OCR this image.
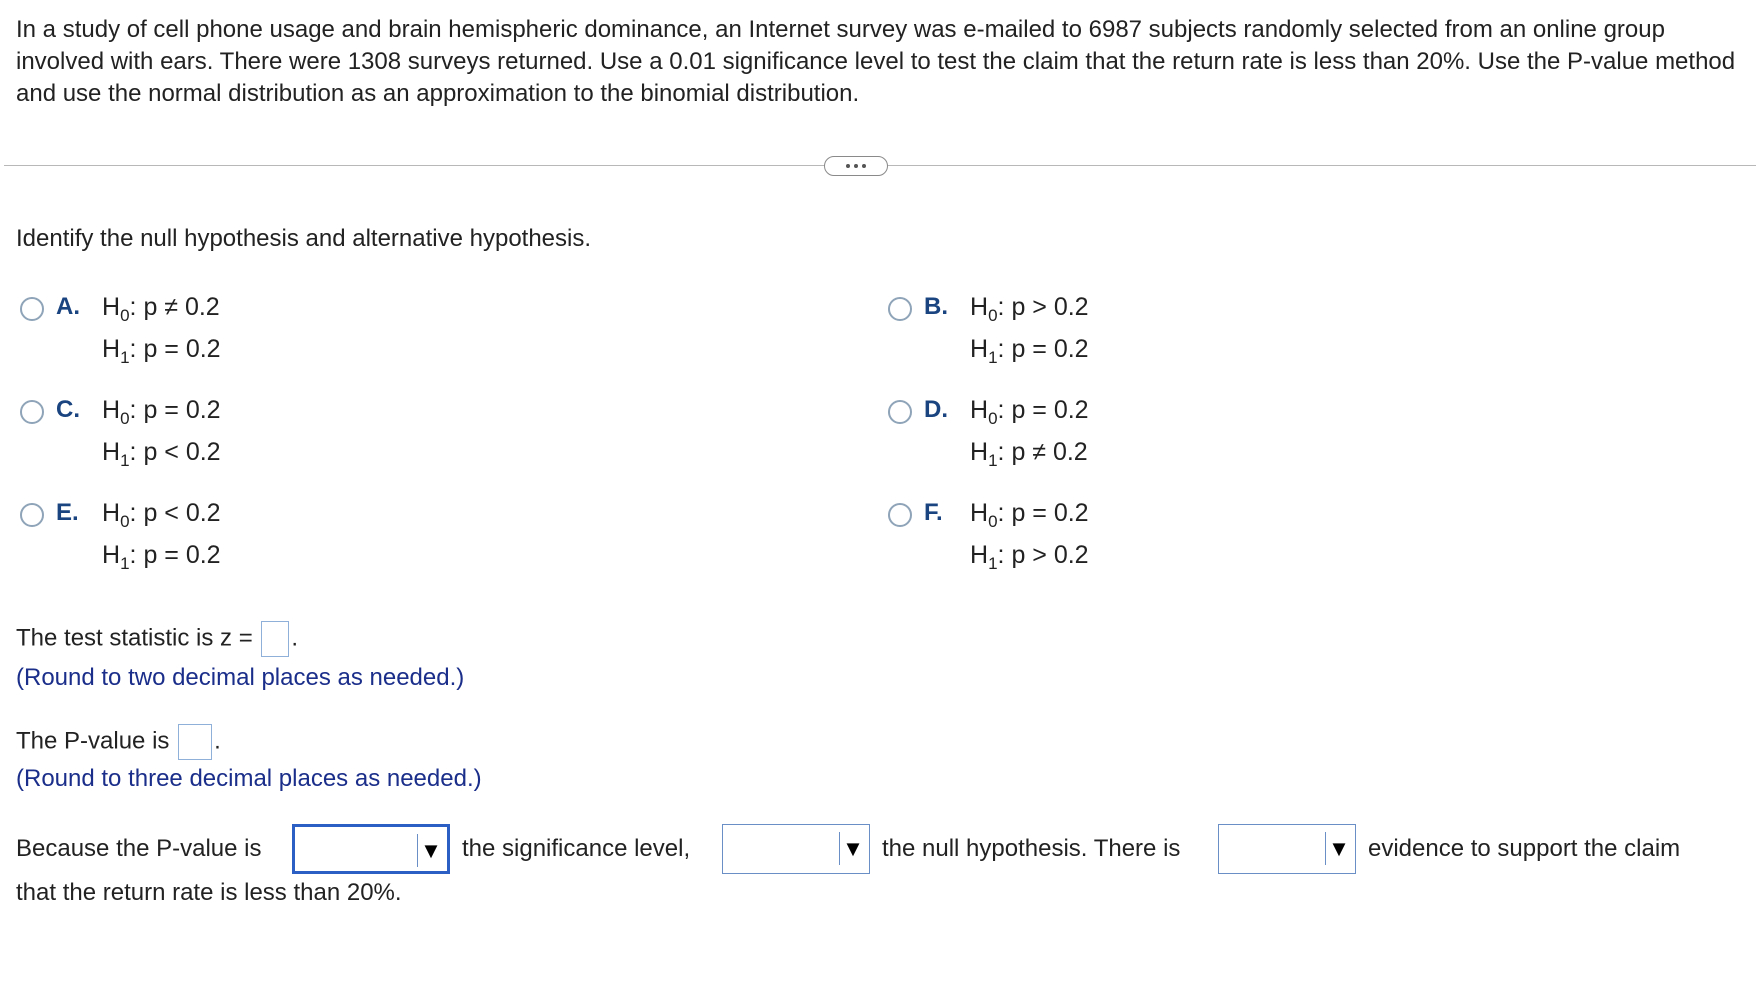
In a study of cell phone usage and brain hemispheric dominance, an Internet survey was e-mailed to 6987 subjects randomly selected from an online group involved with ears. There were 1308 surveys returned. Use a 0.01 significance level to test the claim that the return rate is less than 20%. Use the P-value method and use the normal distribution as an approximation to the binomial distribution.
Identify the null hypothesis and alternative hypothesis.
A. $H_0$: p ≠ 0.2
$H_1$: p = 0.2
B. $H_0$: p > 0.2
$H_1$: p = 0.2
C. $H_0$: p = 0.2
$H_1$: p < 0.2
D. $H_0$: p = 0.2
$H_1$: p ≠ 0.2
E. $H_0$: p < 0.2
$H_1$: p = 0.2
F. $H_0$: p = 0.2
$H_1$: p > 0.2
The test statistic is z = .
(Round to two decimal places as needed.)
The P-value is .
(Round to three decimal places as needed.)
Because the P-value is	▼ the significance level,	▼ the null hypothesis. There is	▼ evidence to support the claim
that the return rate is less than 20%.
